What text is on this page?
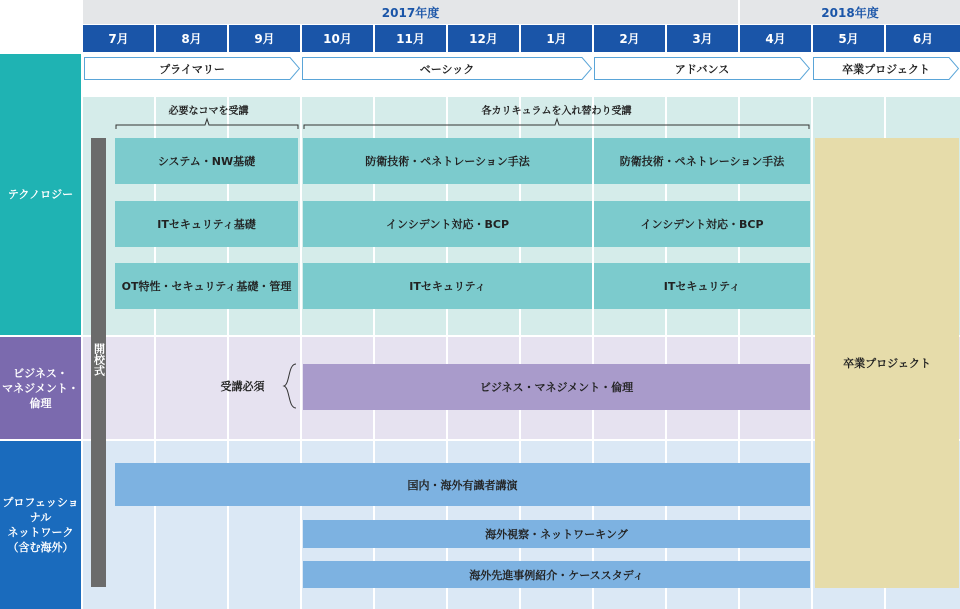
2017年度	2018年度
7月	8月	9月	10月	11月	12月	1月	2月	3月	4月	5月	6月
プライマリー	ベーシック	アドバンス	卒業プロジェクト
テクノロジー
ビジネス・
マネジメント・
倫理
プロフェッショナル
ネットワーク
（含む海外）
必要なコマを受講	各カリキュラムを入れ替わり受講
開校式
システム・NW基礎	防衛技術・ペネトレーション手法	防衛技術・ペネトレーション手法
ITセキュリティ基礎	インシデント対応・BCP	インシデント対応・BCP
OT特性・セキュリティ基礎・管理	ITセキュリティ	ITセキュリティ
受講必須	ビジネス・マネジメント・倫理
国内・海外有識者講演
海外視察・ネットワーキング
海外先進事例紹介・ケーススタディ
卒業プロジェクト
